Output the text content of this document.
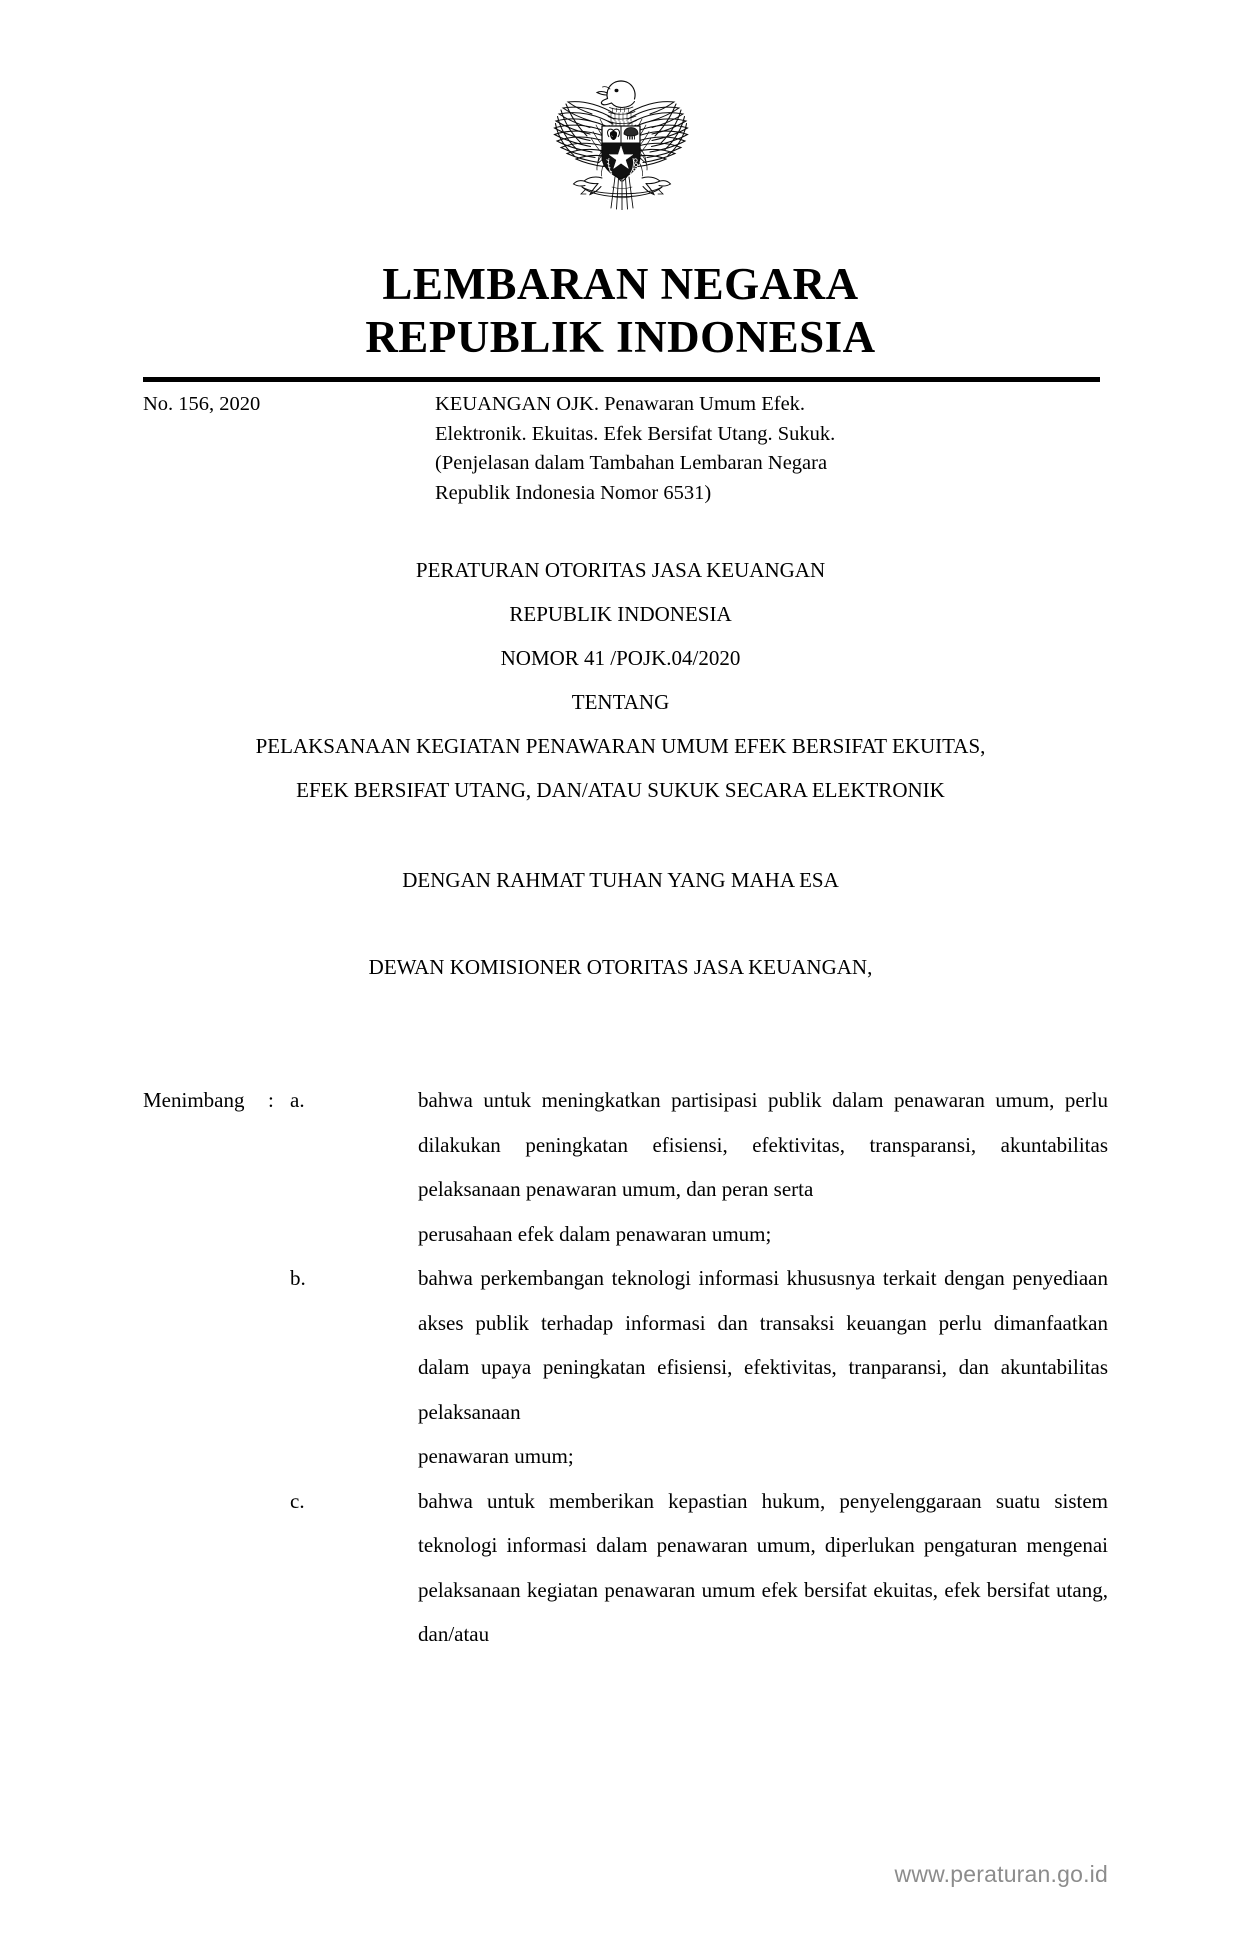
LEMBARAN NEGARA
REPUBLIK INDONESIA
No. 156, 2020	KEUANGAN OJK. Penawaran Umum Efek.

Elektronik. Ekuitas. Efek Bersifat Utang. Sukuk.

(Penjelasan dalam Tambahan Lembaran Negara

Republik Indonesia Nomor 6531)

PERATURAN OTORITAS JASA KEUANGAN
REPUBLIK INDONESIA
NOMOR 41 /POJK.04/2020
TENTANG
PELAKSANAAN KEGIATAN PENAWARAN UMUM EFEK BERSIFAT EKUITAS,
EFEK BERSIFAT UTANG, DAN/ATAU SUKUK SECARA ELEKTRONIK
DENGAN RAHMAT TUHAN YANG MAHA ESA
DEWAN KOMISIONER OTORITAS JASA KEUANGAN,
Menimbang : a.	bahwa untuk meningkatkan partisipasi publik dalam penawaran umum, perlu dilakukan peningkatan efisiensi, efektivitas, transparansi, akuntabilitas pelaksanaan penawaran umum, dan peran serta
perusahaan efek dalam penawaran umum;
b.	bahwa perkembangan teknologi informasi khususnya terkait dengan penyediaan akses publik terhadap informasi dan transaksi keuangan perlu dimanfaatkan dalam upaya peningkatan efisiensi, efektivitas, tranparansi, dan akuntabilitas pelaksanaan
penawaran umum;
c.	bahwa untuk memberikan kepastian hukum, penyelenggaraan suatu sistem teknologi informasi dalam penawaran umum, diperlukan pengaturan mengenai pelaksanaan kegiatan penawaran umum efek bersifat ekuitas, efek bersifat utang, dan/atau
www.peraturan.go.id
